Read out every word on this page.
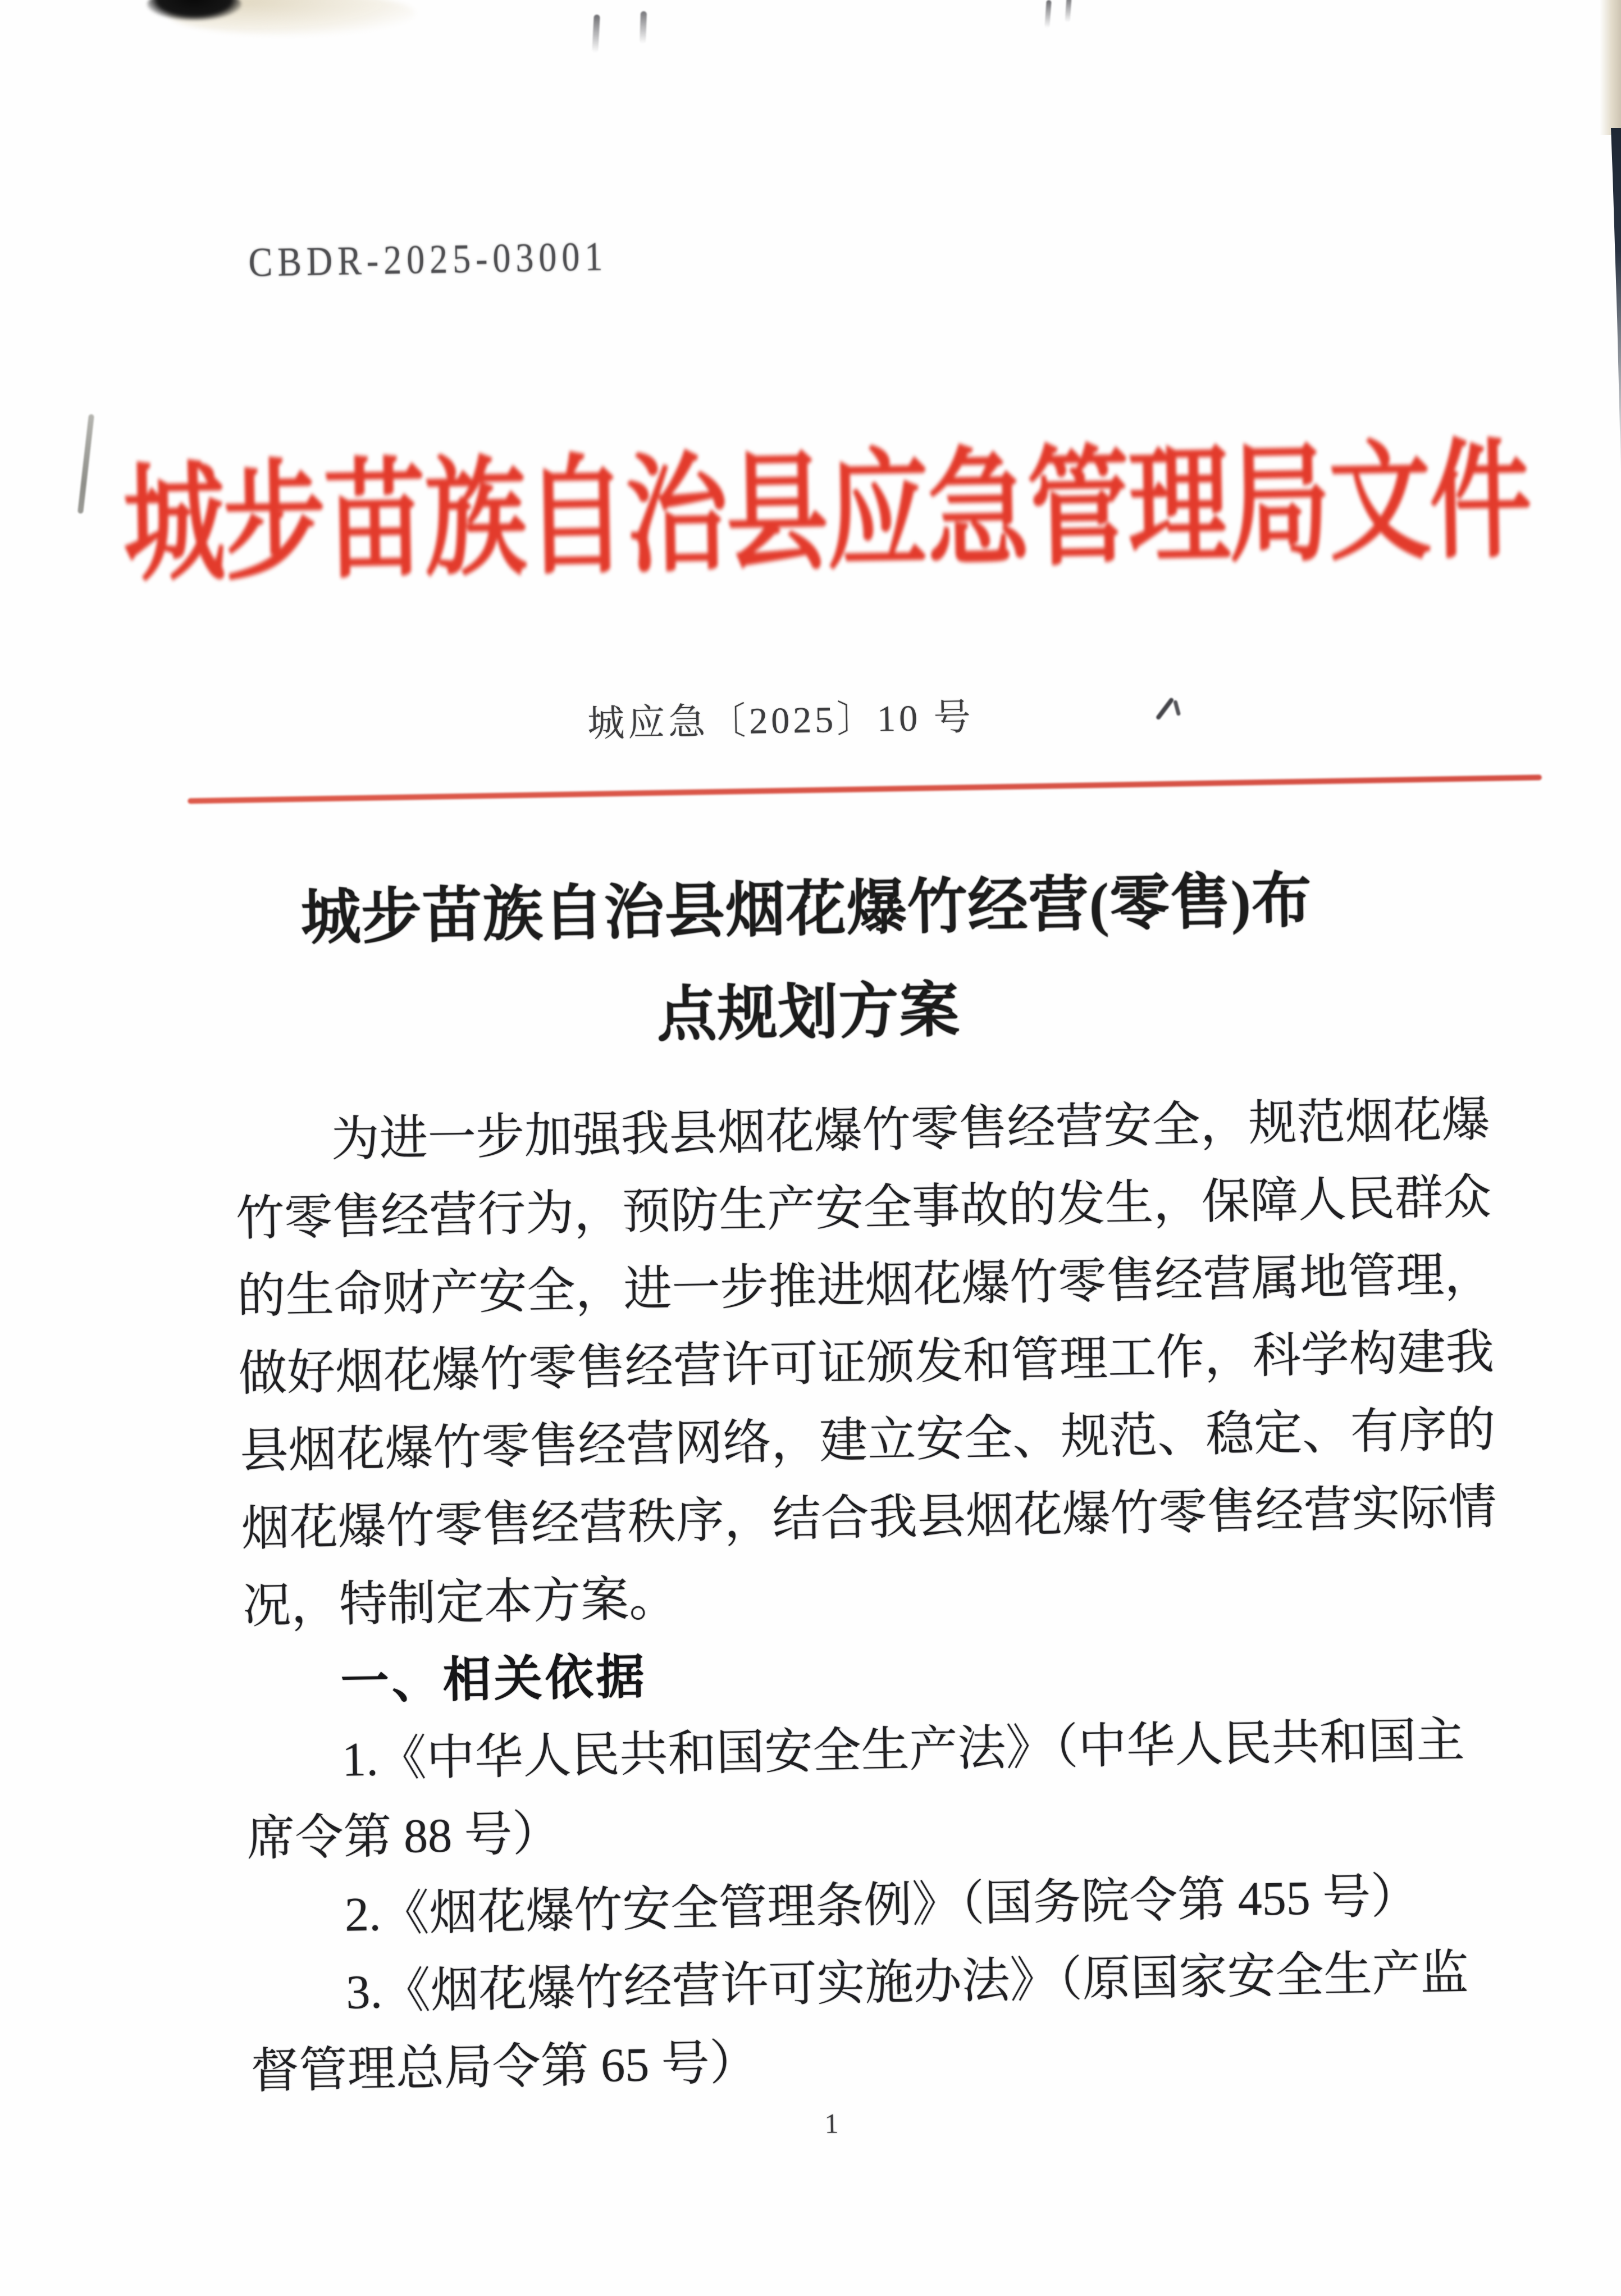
CBDR-2025-03001
城步苗族自治县应急管理局文件
城应急〔2025〕10 号
城步苗族自治县烟花爆竹经营(零售)布
点规划方案
为进一步加强我县烟花爆竹零售经营安全，规范烟花爆
竹零售经营行为，预防生产安全事故的发生，保障人民群众
的生命财产安全，进一步推进烟花爆竹零售经营属地管理，
做好烟花爆竹零售经营许可证颁发和管理工作，科学构建我
县烟花爆竹零售经营网络，建立安全、规范、稳定、有序的
烟花爆竹零售经营秩序，结合我县烟花爆竹零售经营实际情
况，特制定本方案。
一、相关依据
1.《中华人民共和国安全生产法》（中华人民共和国主
席令第 88 号）
2.《烟花爆竹安全管理条例》（国务院令第 455 号）
3.《烟花爆竹经营许可实施办法》（原国家安全生产监
督管理总局令第 65 号）
1
